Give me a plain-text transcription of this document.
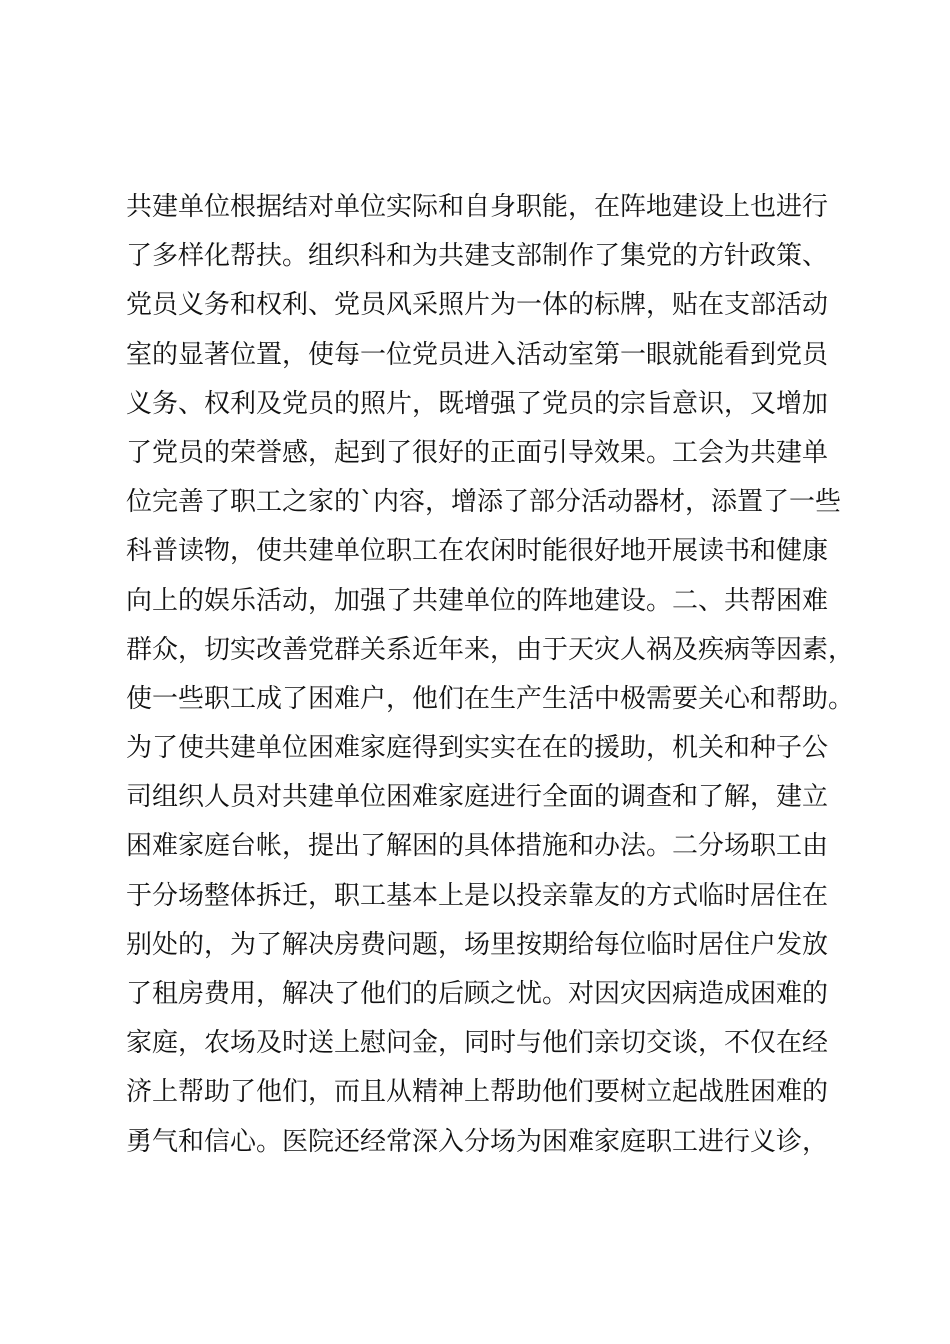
共建单位根据结对单位实际和自身职能，在阵地建设上也进行
了多样化帮扶。组织科和为共建支部制作了集党的方针政策、
党员义务和权利、党员风采照片为一体的标牌，贴在支部活动
室的显著位置，使每一位党员进入活动室第一眼就能看到党员
义务、权利及党员的照片，既增强了党员的宗旨意识，又增加
了党员的荣誉感，起到了很好的正面引导效果。工会为共建单
位完善了职工之家的`内容，增添了部分活动器材，添置了一些
科普读物，使共建单位职工在农闲时能很好地开展读书和健康
向上的娱乐活动，加强了共建单位的阵地建设。二、共帮困难
群众，切实改善党群关系近年来，由于天灾人祸及疾病等因素，
使一些职工成了困难户，他们在生产生活中极需要关心和帮助。
为了使共建单位困难家庭得到实实在在的援助，机关和种子公
司组织人员对共建单位困难家庭进行全面的调查和了解，建立
困难家庭台帐，提出了解困的具体措施和办法。二分场职工由
于分场整体拆迁，职工基本上是以投亲靠友的方式临时居住在
别处的，为了解决房费问题，场里按期给每位临时居住户发放
了租房费用，解决了他们的后顾之忧。对因灾因病造成困难的
家庭，农场及时送上慰问金，同时与他们亲切交谈，不仅在经
济上帮助了他们，而且从精神上帮助他们要树立起战胜困难的
勇气和信心。医院还经常深入分场为困难家庭职工进行义诊，
